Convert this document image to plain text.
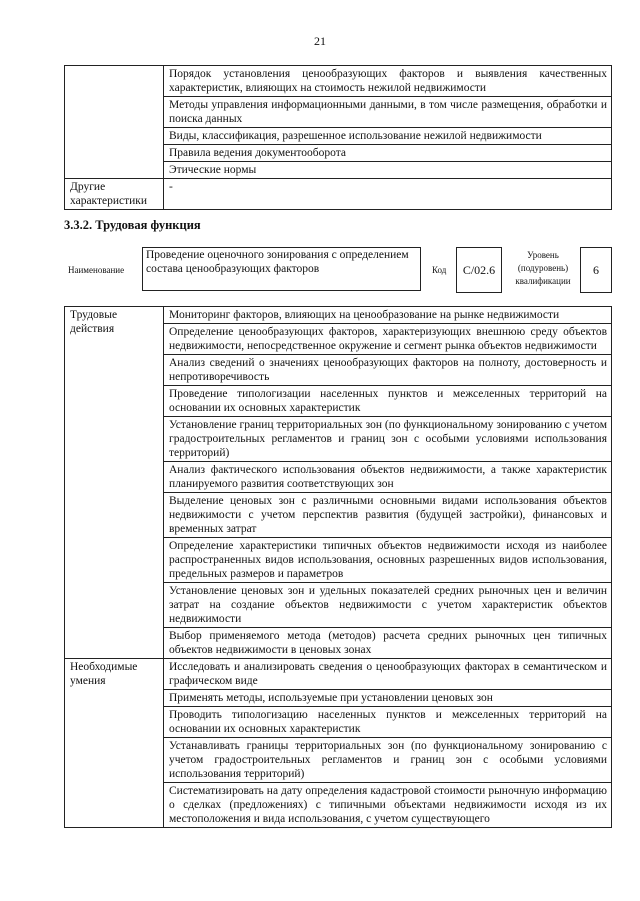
21
	Порядок установления ценообразующих факторов и выявления качественных характеристик, влияющих на стоимость нежилой недвижимости
	Методы управления информационными данными, в том числе размещения, обработки и поиска данных
	Виды, классификация, разрешенное использование нежилой недвижимости
	Правила ведения документооборота
	Этические нормы
Другие характеристики	-
3.3.2. Трудовая функция
Наименование
Проведение оценочного зонирования с определением состава ценообразующих факторов	Код	С/02.6
Уровень (подуровень) квалификации
6
Трудовые действия	Мониторинг факторов, влияющих на ценообразование на рынке недвижимости
	Определение ценообразующих факторов, характеризующих внешнюю среду объектов недвижимости, непосредственное окружение и сегмент рынка объектов недвижимости
	Анализ сведений о значениях ценообразующих факторов на полноту, достоверность и непротиворечивость
	Проведение типологизации населенных пунктов и межселенных территорий на основании их основных характеристик
	Установление границ территориальных зон (по функциональному зонированию с учетом градостроительных регламентов и границ зон с особыми условиями использования территорий)
	Анализ фактического использования объектов недвижимости, а также характеристик планируемого развития соответствующих зон
	Выделение ценовых зон с различными основными видами использования объектов недвижимости с учетом перспектив развития (будущей застройки), финансовых и временных затрат
	Определение характеристики типичных объектов недвижимости исходя из наиболее распространенных видов использования, основных разрешенных видов использования, предельных размеров и параметров
	Установление ценовых зон и удельных показателей средних рыночных цен и величин затрат на создание объектов недвижимости с учетом характеристик объектов недвижимости
	Выбор применяемого метода (методов) расчета средних рыночных цен типичных объектов недвижимости в ценовых зонах
Необходимые умения	Исследовать и анализировать сведения о ценообразующих факторах в семантическом и графическом виде
	Применять методы, используемые при установлении ценовых зон
	Проводить типологизацию населенных пунктов и межселенных территорий на основании их основных характеристик
	Устанавливать границы территориальных зон (по функциональному зонированию с учетом градостроительных регламентов и границ зон с особыми условиями использования территорий)
	Систематизировать на дату определения кадастровой стоимости рыночную информацию о сделках (предложениях) с типичными объектами недвижимости исходя из их местоположения и вида использования, с учетом существующего
